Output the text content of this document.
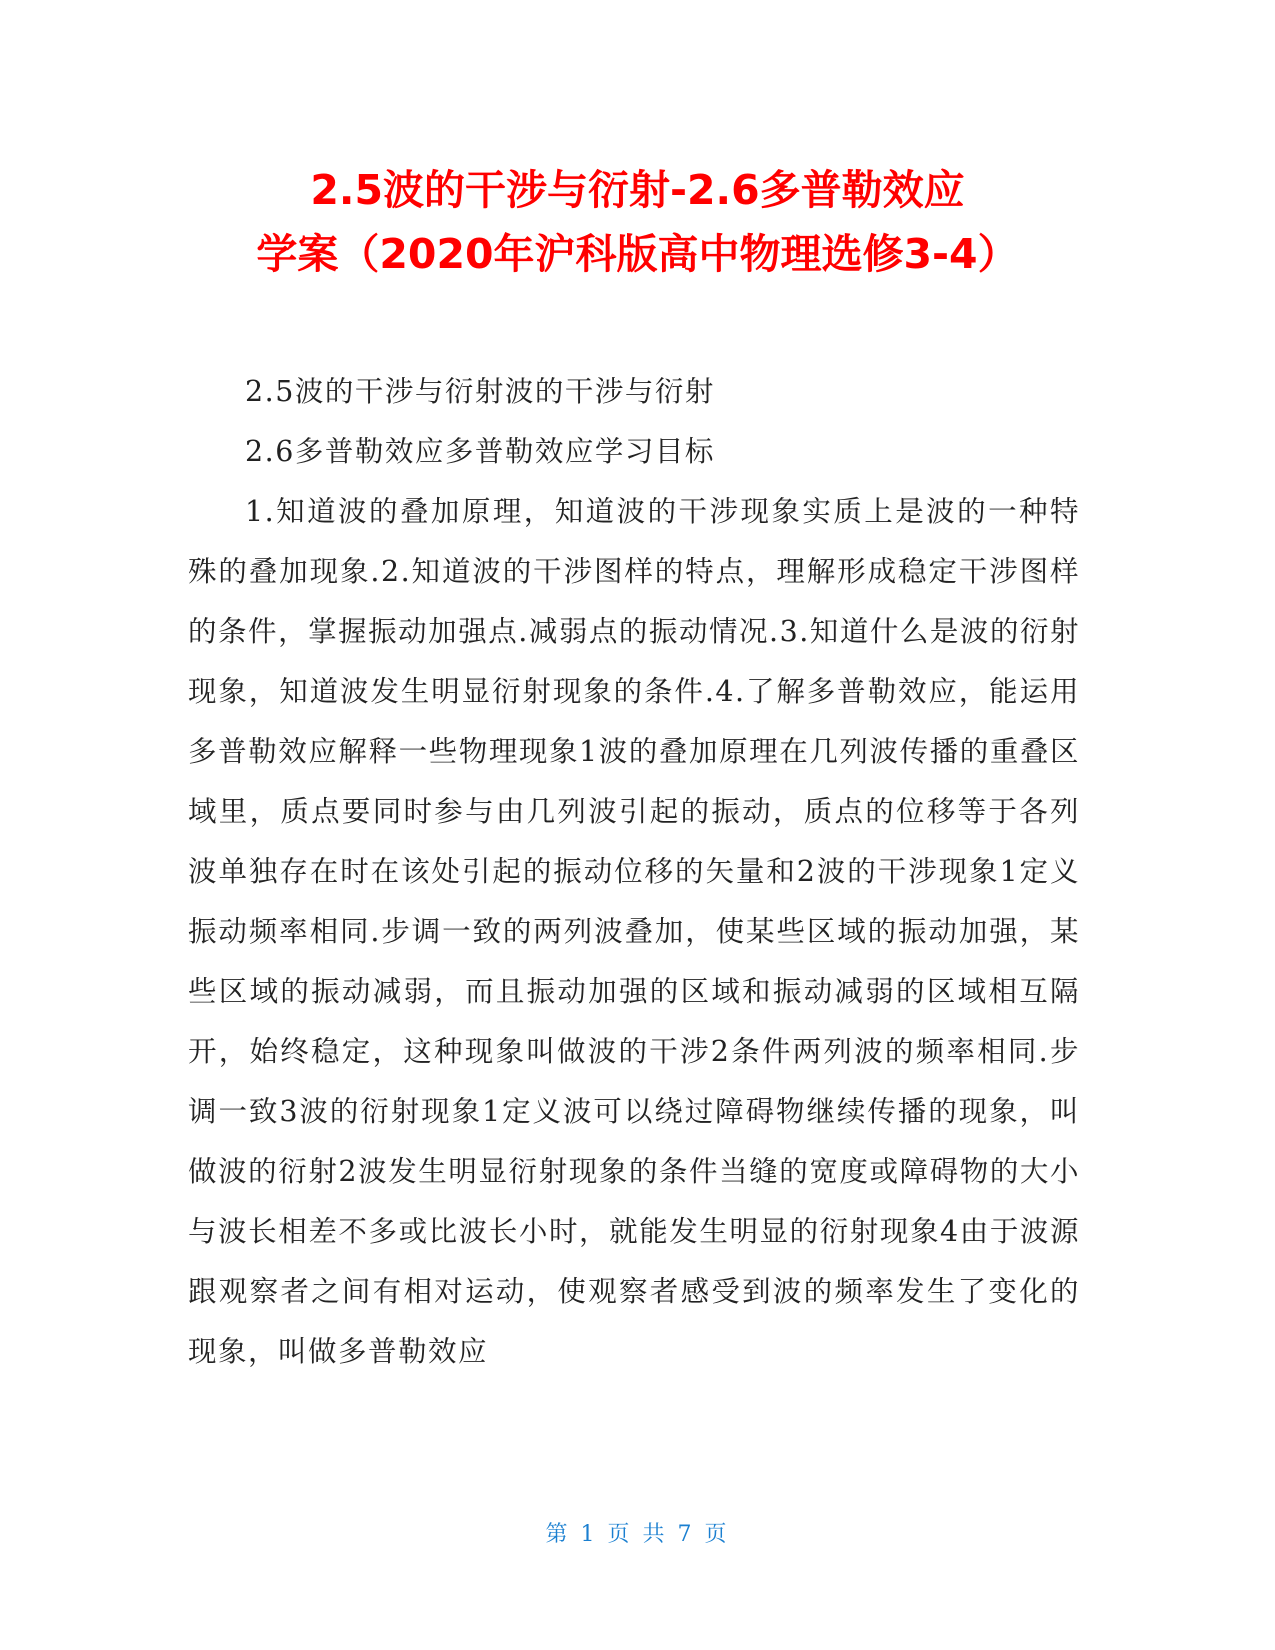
2.5波的干涉与衍射-2.6多普勒效应
学案（2020年沪科版高中物理选修3-4）

2.5波的干涉与衍射波的干涉与衍射

2.6多普勒效应多普勒效应学习目标

1.知道波的叠加原理，知道波的干涉现象实质上是波的一种特殊的叠加现象.2.知道波的干涉图样的特点，理解形成稳定干涉图样的条件，掌握振动加强点.减弱点的振动情况.3.知道什么是波的衍射现象，知道波发生明显衍射现象的条件.4.了解多普勒效应，能运用多普勒效应解释一些物理现象1波的叠加原理在几列波传播的重叠区域里，质点要同时参与由几列波引起的振动，质点的位移等于各列波单独存在时在该处引起的振动位移的矢量和2波的干涉现象1定义振动频率相同.步调一致的两列波叠加，使某些区域的振动加强，某些区域的振动减弱，而且振动加强的区域和振动减弱的区域相互隔开，始终稳定，这种现象叫做波的干涉2条件两列波的频率相同.步调一致3波的衍射现象1定义波可以绕过障碍物继续传播的现象，叫做波的衍射2波发生明显衍射现象的条件当缝的宽度或障碍物的大小与波长相差不多或比波长小时，就能发生明显的衍射现象4由于波源跟观察者之间有相对运动，使观察者感受到波的频率发生了变化的现象，叫做多普勒效应

第 1 页 共 7 页
